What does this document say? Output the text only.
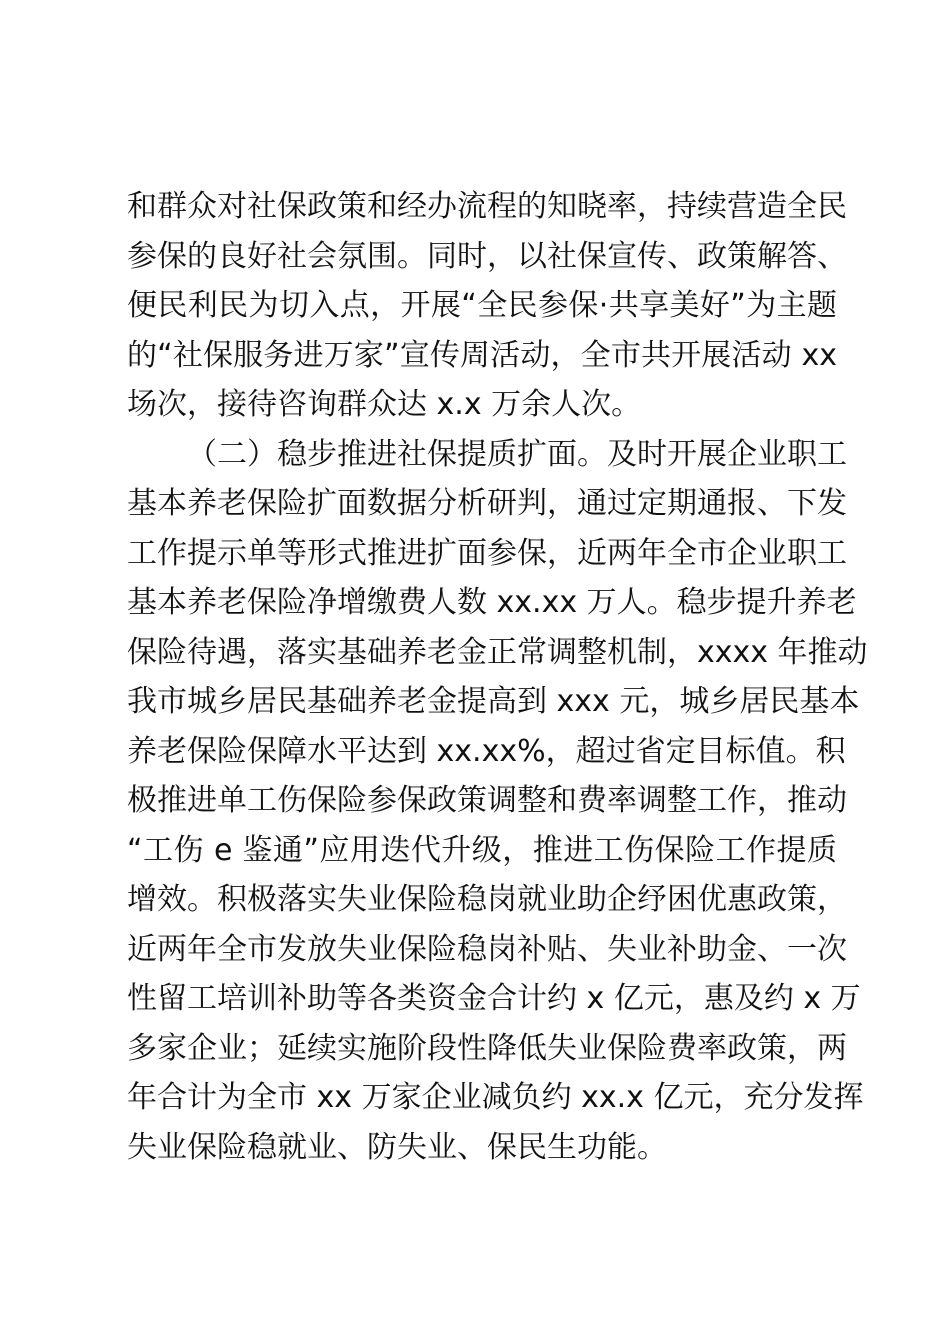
和群众对社保政策和经办流程的知晓率，持续营造全民
参保的良好社会氛围。同时，以社保宣传、政策解答、
便民利民为切入点，开展“全民参保·共享美好”为主题
的“社保服务进万家”宣传周活动，全市共开展活动 xx
场次，接待咨询群众达 x.x 万余人次。
（二）稳步推进社保提质扩面。及时开展企业职工
基本养老保险扩面数据分析研判，通过定期通报、下发
工作提示单等形式推进扩面参保，近两年全市企业职工
基本养老保险净增缴费人数 xx.xx 万人。稳步提升养老
保险待遇，落实基础养老金正常调整机制，xxxx 年推动
我市城乡居民基础养老金提高到 xxx 元，城乡居民基本
养老保险保障水平达到 xx.xx%，超过省定目标值。积
极推进单工伤保险参保政策调整和费率调整工作，推动
“工伤 e 鉴通”应用迭代升级，推进工伤保险工作提质
增效。积极落实失业保险稳岗就业助企纾困优惠政策，
近两年全市发放失业保险稳岗补贴、失业补助金、一次
性留工培训补助等各类资金合计约 x 亿元，惠及约 x 万
多家企业；延续实施阶段性降低失业保险费率政策，两
年合计为全市 xx 万家企业减负约 xx.x 亿元，充分发挥
失业保险稳就业、防失业、保民生功能。
